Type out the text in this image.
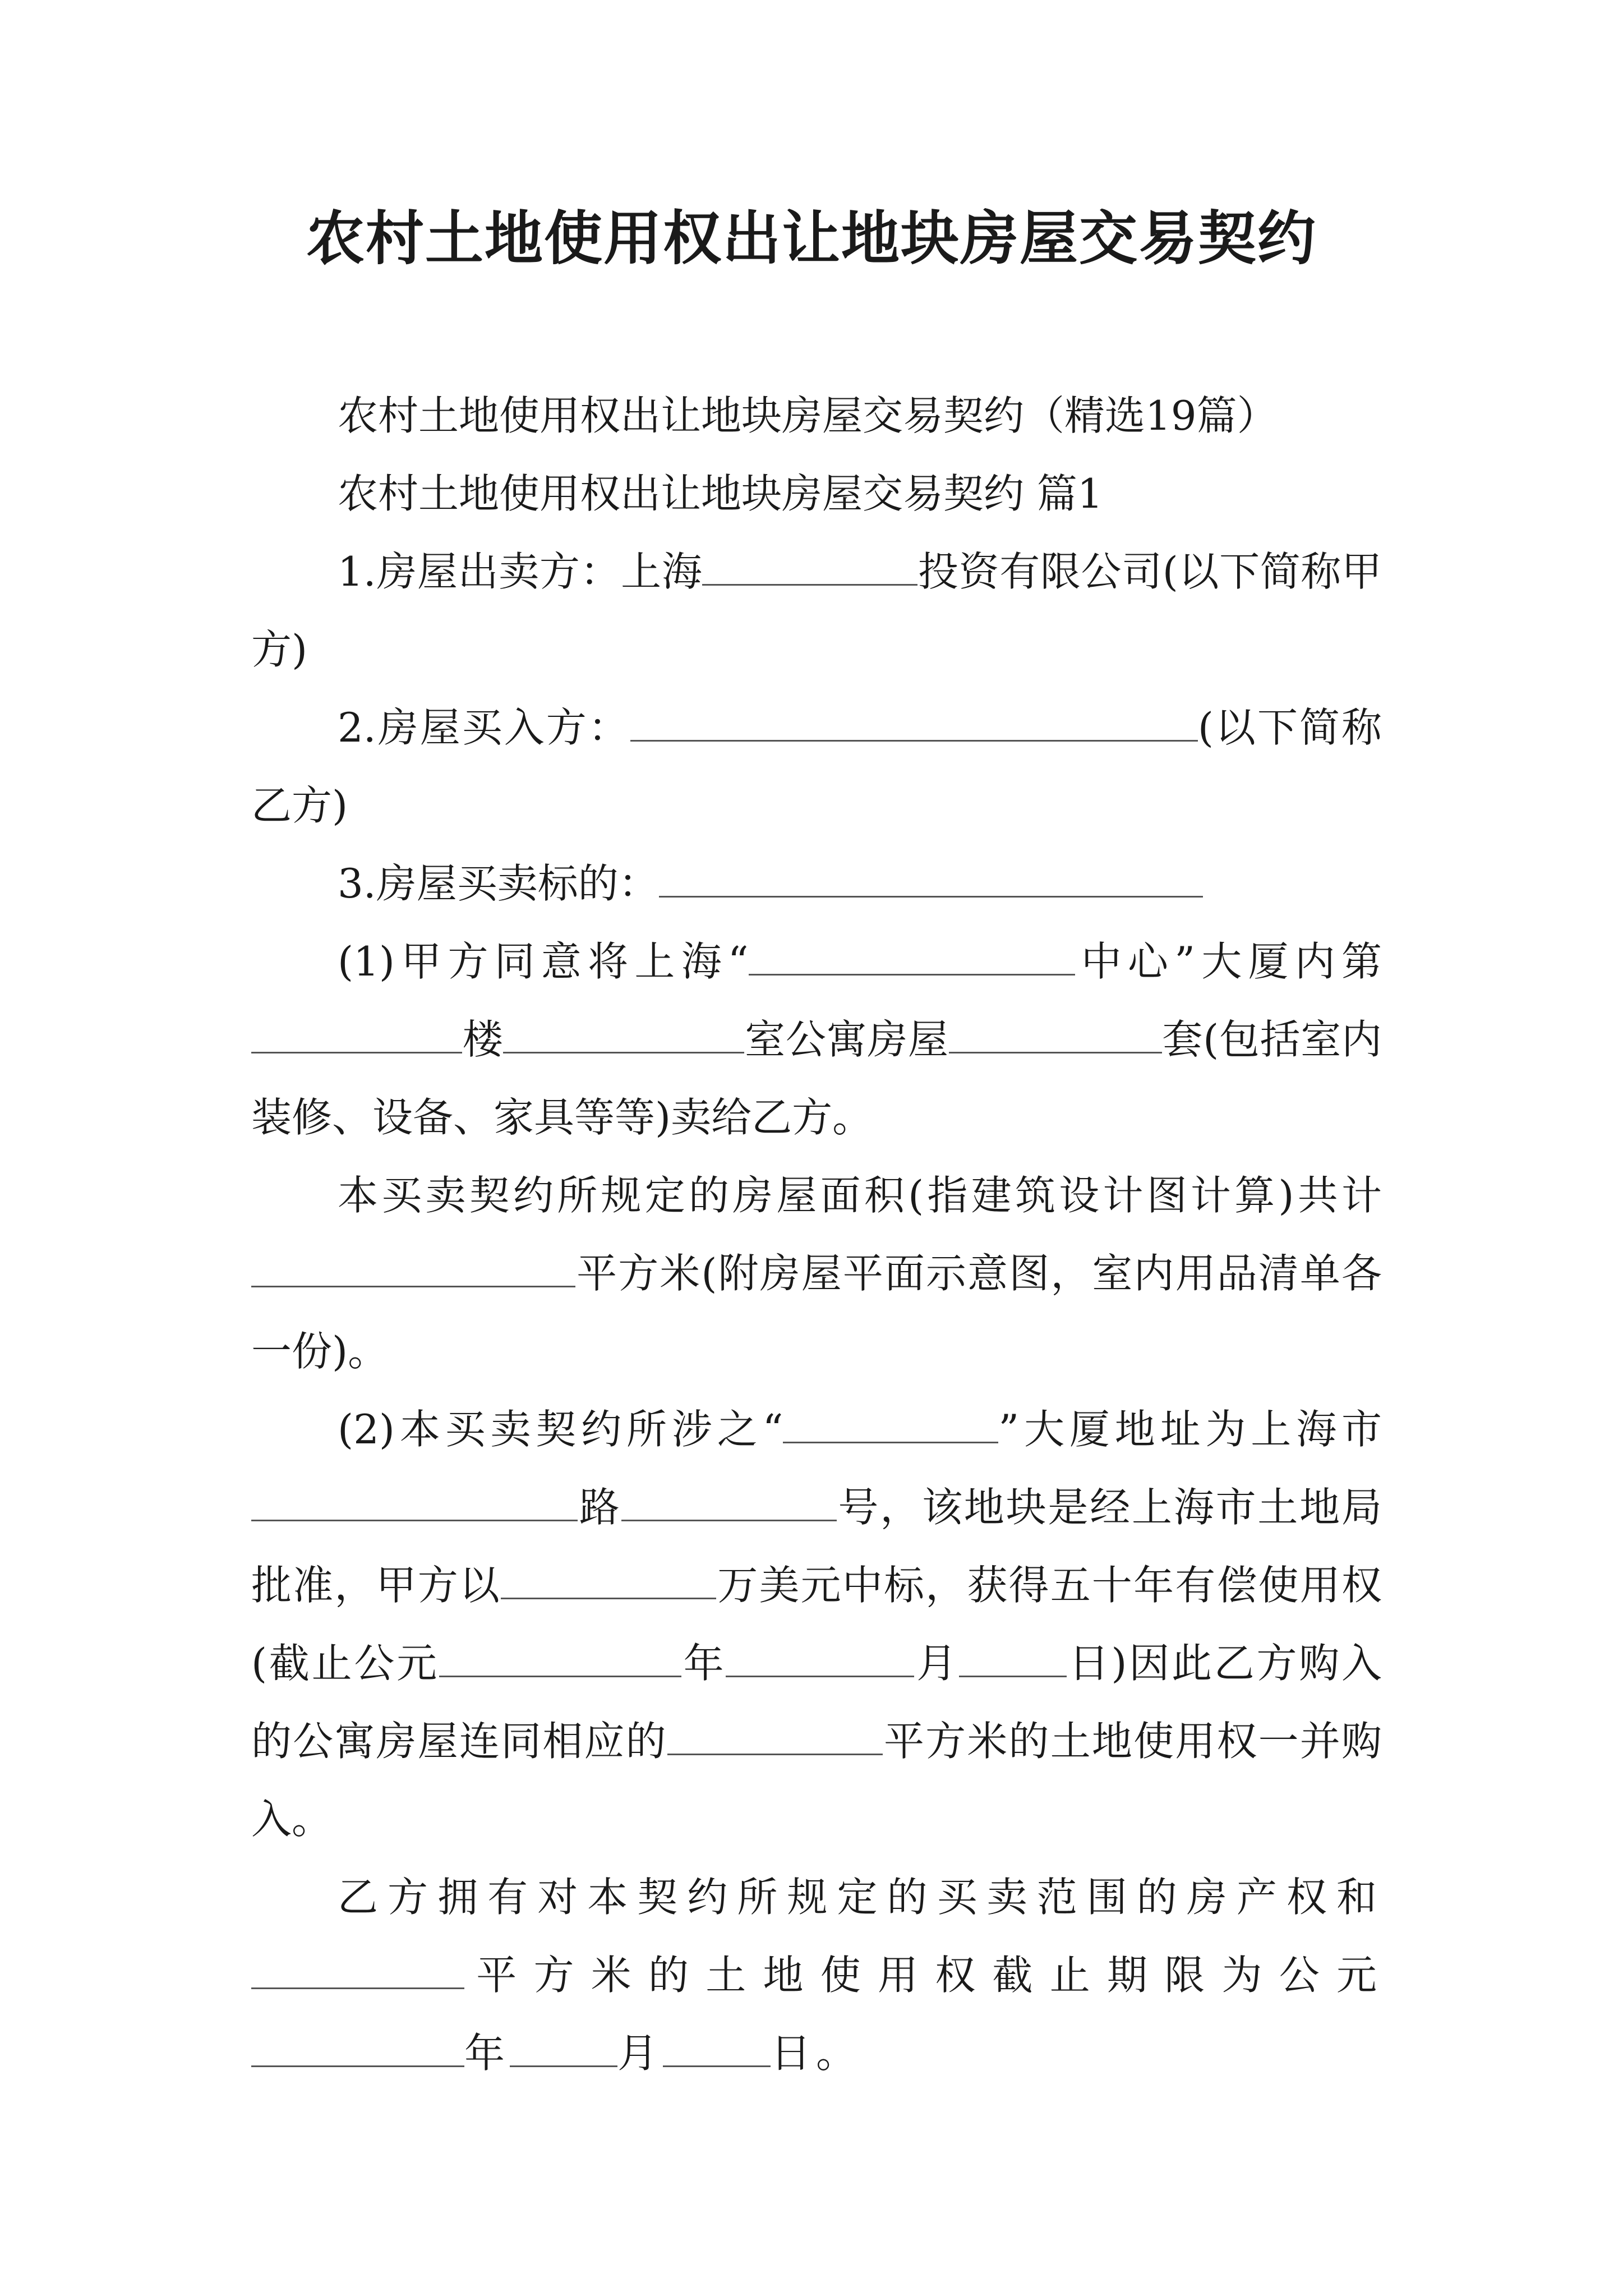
农村土地使用权出让地块房屋交易契约

农村土地使用权出让地块房屋交易契约（精选19篇）

农村土地使用权出让地块房屋交易契约 篇1

1.房屋出卖方：上海	投资有限公司(以下简称甲方)

2.房屋买入方：	(以下简称乙方)

3.房屋买卖标的：

(1)甲方同意将上海“	中心”大厦内第楼	室公寓房屋	套(包括室内装修、设备、家具等等)卖给乙方。

本买卖契约所规定的房屋面积(指建筑设计图计算)共计平方米(附房屋平面示意图，室内用品清单各一份)。

(2)本买卖契约所涉之“	”大厦地址为上海市路	号，该地块是经上海市土地局批准，甲方以	万美元中标，获得五十年有偿使用权(截止公元	年	月	日)因此乙方购入的公寓房屋连同相应的	平方米的土地使用权一并购入。

乙方拥有对本契约所规定的买卖范围的房产权和平方米的土地使用权截止期限为公元年	月	日。
